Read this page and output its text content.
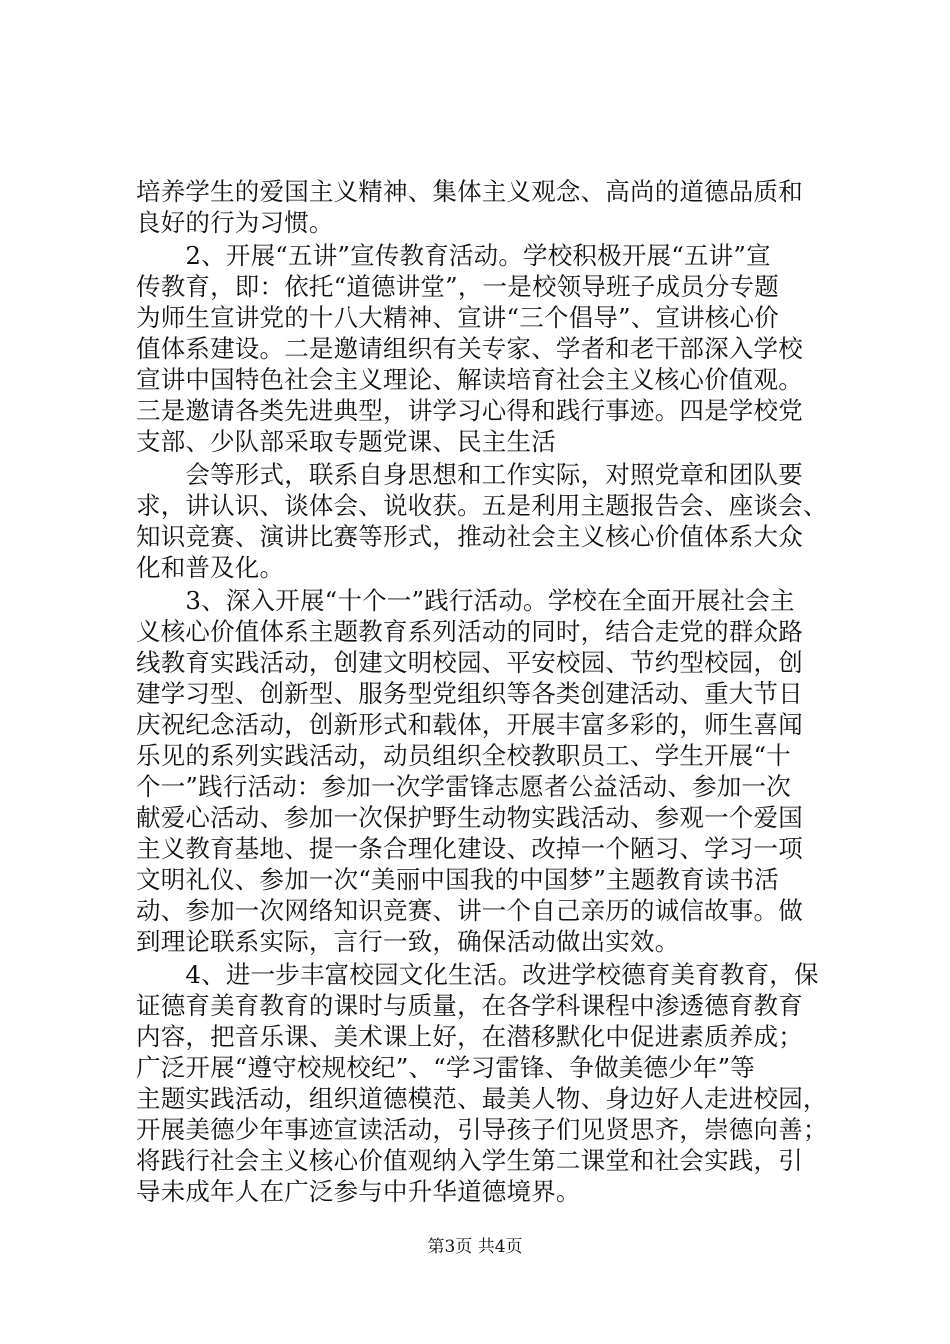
培养学生的爱国主义精神、集体主义观念、高尚的道德品质和
良好的行为习惯。
　　2、开展“五讲”宣传教育活动。学校积极开展“五讲”宣
传教育，即：依托“道德讲堂”，一是校领导班子成员分专题
为师生宣讲党的十八大精神、宣讲“三个倡导”、宣讲核心价
值体系建设。二是邀请组织有关专家、学者和老干部深入学校
宣讲中国特色社会主义理论、解读培育社会主义核心价值观。
三是邀请各类先进典型，讲学习心得和践行事迹。四是学校党
支部、少队部采取专题党课、民主生活
　　会等形式，联系自身思想和工作实际，对照党章和团队要
求，讲认识、谈体会、说收获。五是利用主题报告会、座谈会、
知识竞赛、演讲比赛等形式，推动社会主义核心价值体系大众
化和普及化。
　　3、深入开展“十个一”践行活动。学校在全面开展社会主
义核心价值体系主题教育系列活动的同时，结合走党的群众路
线教育实践活动，创建文明校园、平安校园、节约型校园，创
建学习型、创新型、服务型党组织等各类创建活动、重大节日
庆祝纪念活动，创新形式和载体，开展丰富多彩的，师生喜闻
乐见的系列实践活动，动员组织全校教职员工、学生开展“十
个一”践行活动：参加一次学雷锋志愿者公益活动、参加一次
献爱心活动、参加一次保护野生动物实践活动、参观一个爱国
主义教育基地、提一条合理化建设、改掉一个陋习、学习一项
文明礼仪、参加一次“美丽中国我的中国梦”主题教育读书活
动、参加一次网络知识竞赛、讲一个自己亲历的诚信故事。做
到理论联系实际，言行一致，确保活动做出实效。
　　4、进一步丰富校园文化生活。改进学校德育美育教育，保
证德育美育教育的课时与质量，在各学科课程中渗透德育教育
内容，把音乐课、美术课上好，在潜移默化中促进素质养成；
广泛开展“遵守校规校纪”、“学习雷锋、争做美德少年”等
主题实践活动，组织道德模范、最美人物、身边好人走进校园，
开展美德少年事迹宣读活动，引导孩子们见贤思齐，崇德向善；
将践行社会主义核心价值观纳入学生第二课堂和社会实践，引
导未成年人在广泛参与中升华道德境界。
第3页 共4页
